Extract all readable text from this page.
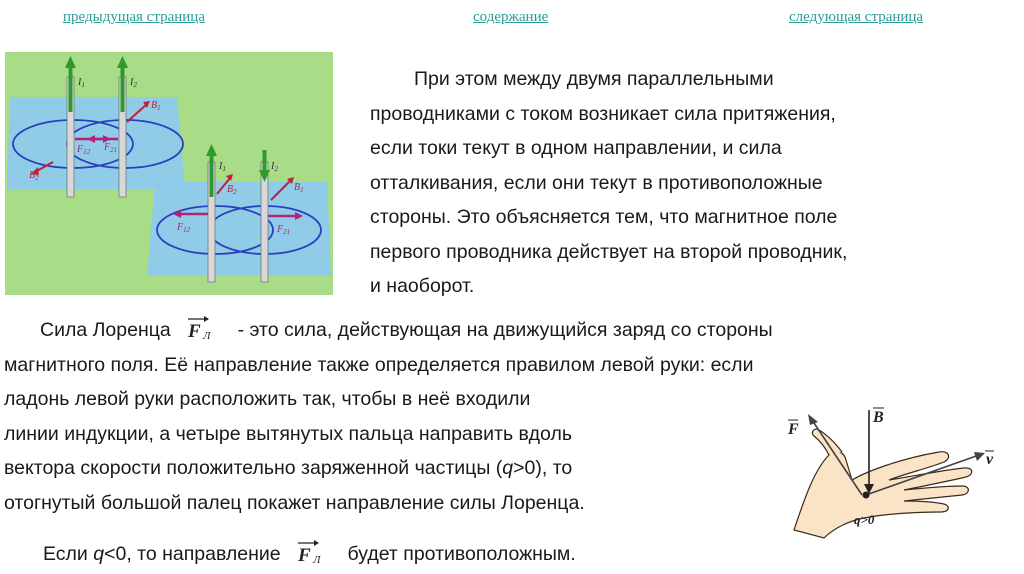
предыдущая страница	содержание	следующая страница
$I_1$	$I_2$
$B_1$
$B_2$
$F_{12}$ $F_{21}$
$I_1$	$I_2$
$B_2$	$B_1$
$F_{12}$	$F_{21}$
При этом между двумя параллельными
проводниками с током возникает сила притяжения,
если токи текут в одном направлении, и сила
отталкивания, если они текут в противоположные
стороны. Это объясняется тем, что магнитное поле
первого проводника действует на второй проводник,
и наоборот.
Сила Лоренца F Л - это сила, действующая на движущийся заряд со стороны
магнитного поля. Её направление также определяется правилом левой руки: если
ладонь левой руки расположить так, чтобы в неё входили
линии индукции, а четыре вытянутых пальца направить вдоль
вектора скорости положительно заряженной частицы (q>0), то
отогнутый большой палец покажет направление силы Лоренца.
Если q<0, то направление F Л будет противоположным.
F
B
v
q>0
